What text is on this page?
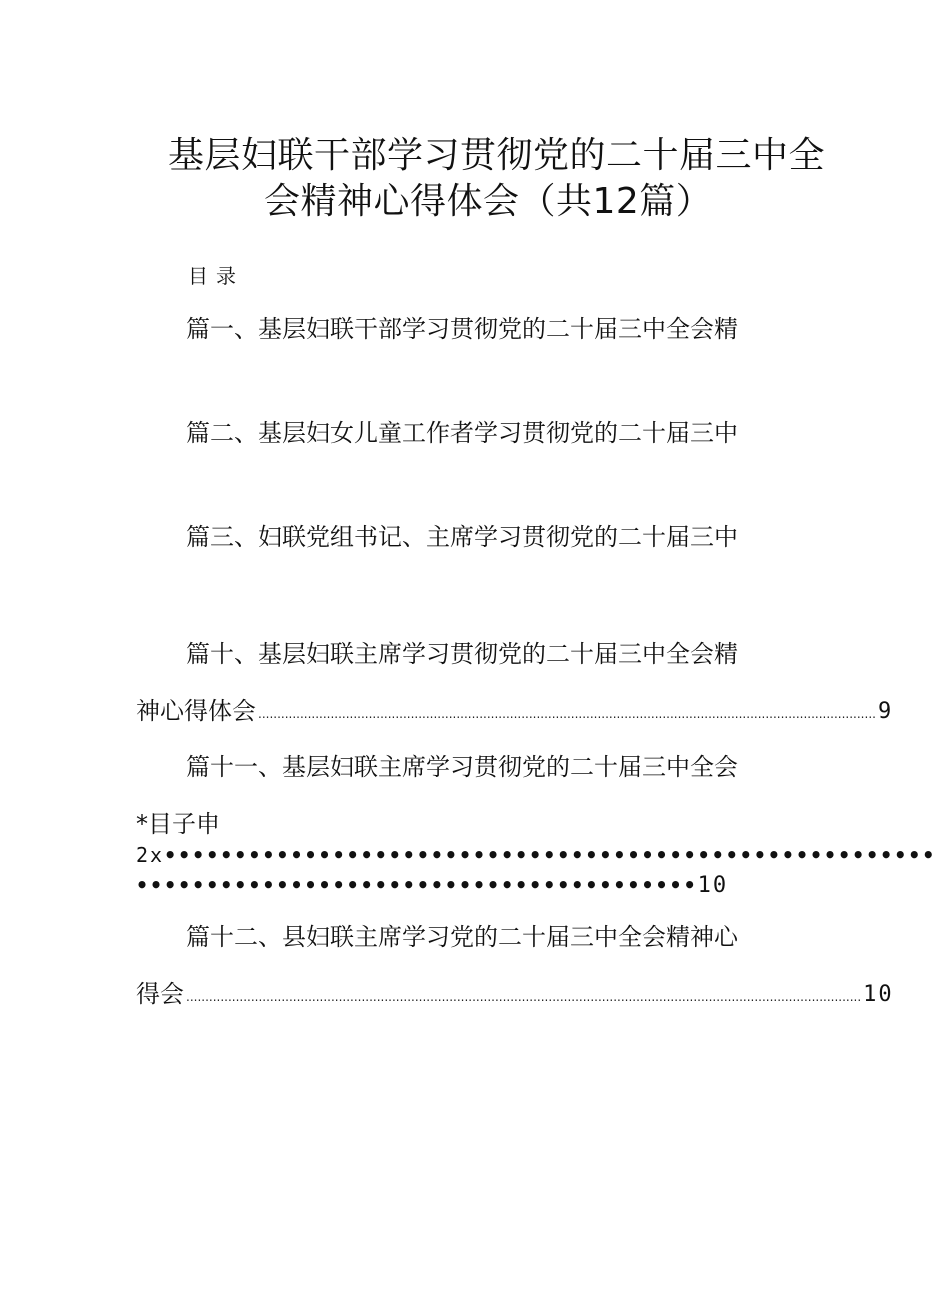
基层妇联干部学习贯彻党的二十届三中全
会精神心得体会（共12篇）
目录
篇一、基层妇联干部学习贯彻党的二十届三中全会精
篇二、基层妇女儿童工作者学习贯彻党的二十届三中
篇三、妇联党组书记、主席学习贯彻党的二十届三中
篇十、基层妇联主席学习贯彻党的二十届三中全会精
神心得体会 .................................................................................................................................................................. 9
篇十一、基层妇联主席学习贯彻党的二十届三中全会
*目子申
2x•••••••••••••••••••••••••••••••••••••••••••••••••••••••
••••••••••••••••••••••••••••••••••••••••10
篇十二、县妇联主席学习党的二十届三中全会精神心
得会 ................................................................................................................................................................................. 10
